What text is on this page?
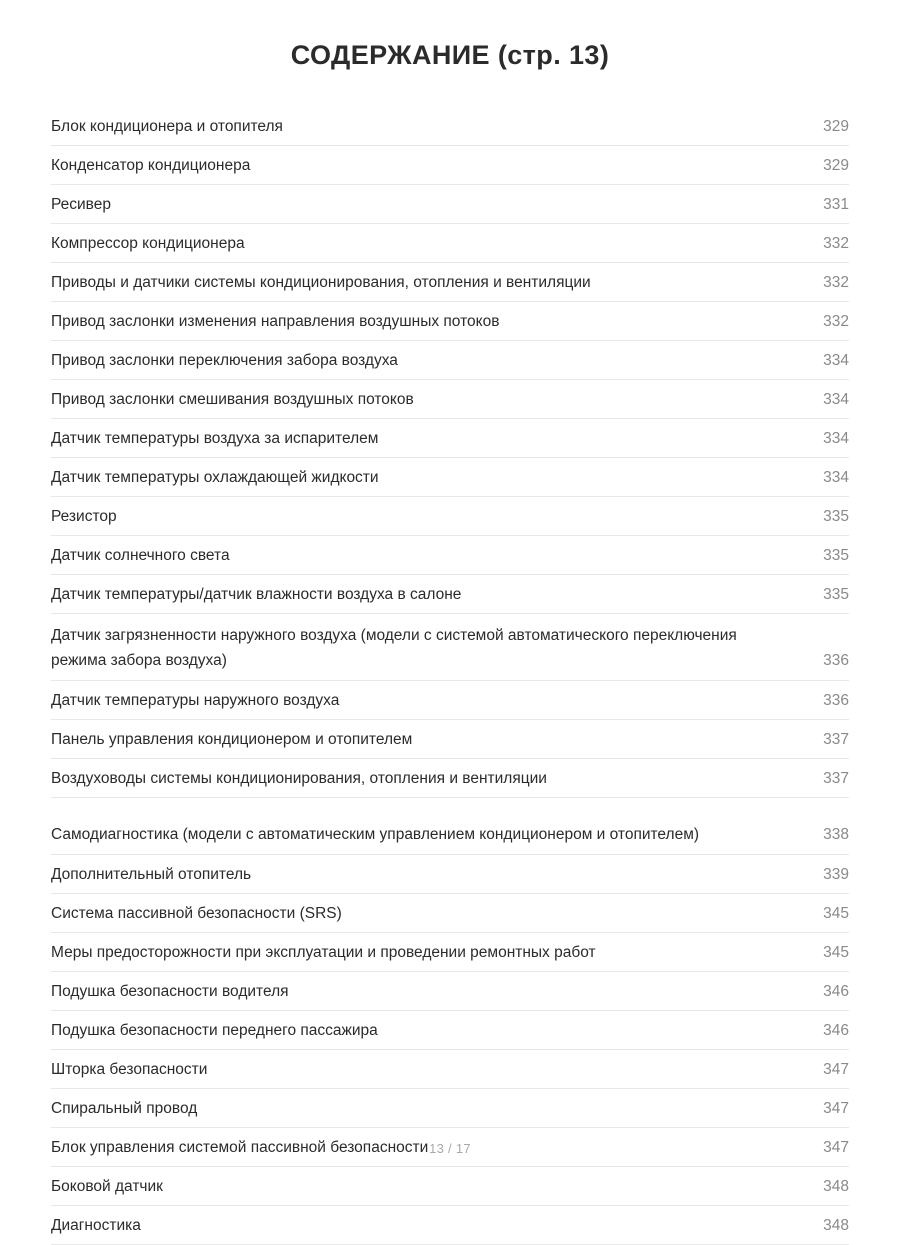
СОДЕРЖАНИЕ (стр. 13)
Блок кондиционера и отопителя	329
Конденсатор кондиционера	329
Ресивер	331
Компрессор кондиционера	332
Приводы и датчики системы кондиционирования, отопления и вентиляции	332
Привод заслонки изменения направления воздушных потоков	332
Привод заслонки переключения забора воздуха	334
Привод заслонки смешивания воздушных потоков	334
Датчик температуры воздуха за испарителем	334
Датчик температуры охлаждающей жидкости	334
Резистор	335
Датчик солнечного света	335
Датчик температуры/датчик влажности воздуха в салоне	335
Датчик загрязненности наружного воздуха (модели с системой автоматического переключения режима забора воздуха)	336
Датчик температуры наружного воздуха	336
Панель управления кондиционером и отопителем	337
Воздуховоды системы кондиционирования, отопления и вентиляции	337
Самодиагностика (модели с автоматическим управлением кондиционером и отопителем)	338
Дополнительный отопитель	339
Система пассивной безопасности (SRS)	345
Меры предосторожности при эксплуатации и проведении ремонтных работ	345
Подушка безопасности водителя	346
Подушка безопасности переднего пассажира	346
Шторка безопасности	347
Спиральный провод	347
Блок управления системой пассивной безопасности	347
Боковой датчик	348
Диагностика	348
13 / 17
